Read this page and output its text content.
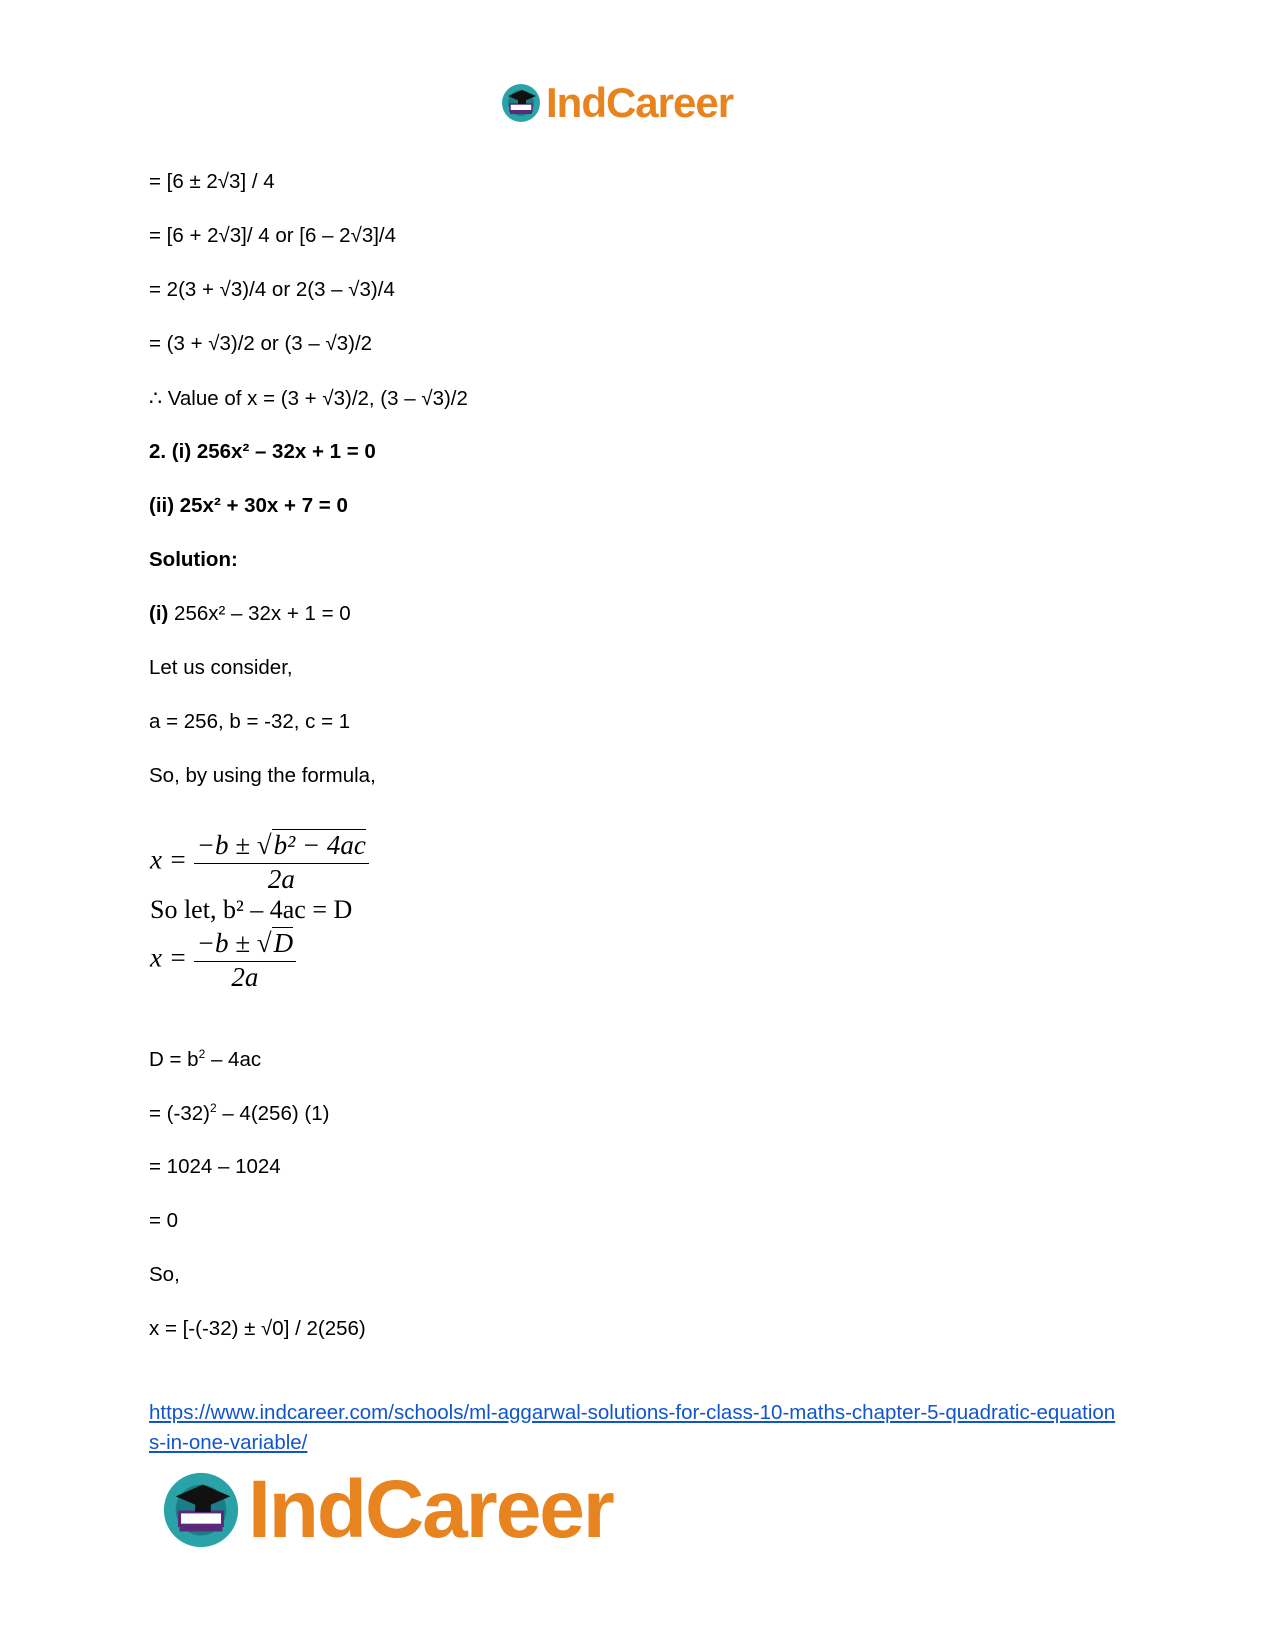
IndCareer
= [6 ± 2√3] / 4
= [6 + 2√3]/ 4 or [6 – 2√3]/4
= 2(3 + √3)/4 or 2(3 – √3)/4
= (3 + √3)/2 or (3 – √3)/2
∴ Value of x = (3 + √3)/2, (3 – √3)/2
2. (i) 256x² – 32x + 1 = 0
(ii) 25x² + 30x + 7 = 0
Solution:
(i) 256x² – 32x + 1 = 0
Let us consider,
a = 256, b = -32, c = 1
So, by using the formula,
$x = \frac{\text{−b ± √b² − 4ac}}{2a}$
So let, b² – 4ac = D
$x = \frac{-b \pm √D}{2a}$
$D = b^2 - 4ac$
= $(-32)^2 - 4(256)$ (1)
= 1024 – 1024
= 0
So,
x = [-(-32) ± √0] / 2(256)
https://www.indcareer.com/schools/ml-aggarwal-solutions-for-class-10-maths-chapter-5-quadratic-equations-in-one-variable/
IndCareer
